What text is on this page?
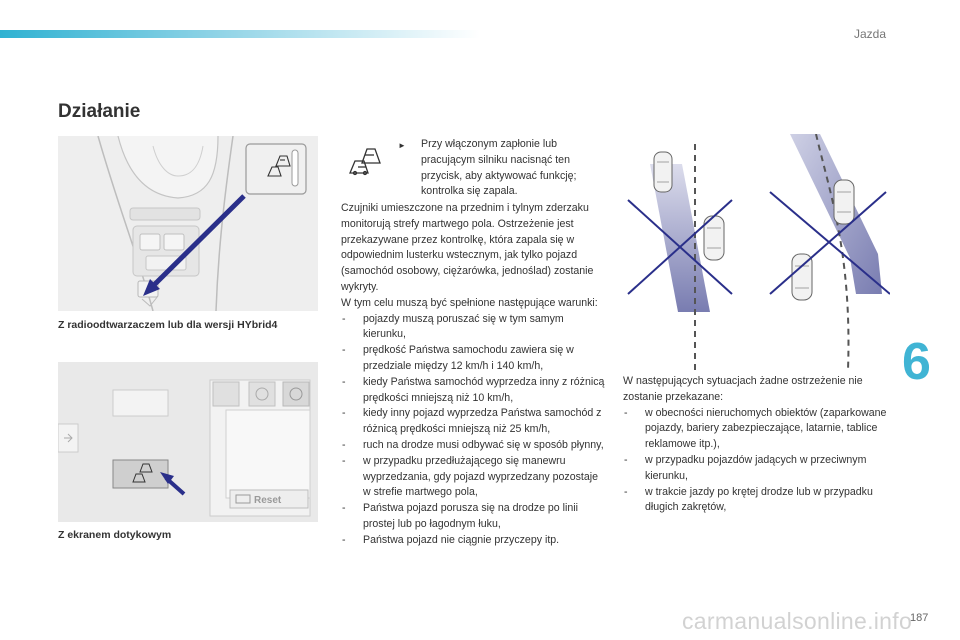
Jazda
Działanie
Z radioodtwarzaczem lub dla wersji HYbrid4
Reset
Z ekranem dotykowym
► Przy włączonym zapłonie lub pracującym silniku nacisnąć ten przycisk, aby aktywować funkcję; kontrolka się zapala.

Czujniki umieszczone na przednim i tylnym zderzaku monitorują strefy martwego pola. Ostrzeżenie jest przekazywane przez kontrolkę, która zapala się w odpowiednim lusterku wstecznym, jak tylko pojazd (samochód osobowy, ciężarówka, jednoślad) zostanie wykryty.

W tym celu muszą być spełnione następujące warunki:

- pojazdy muszą poruszać się w tym samym kierunku,
- prędkość Państwa samochodu zawiera się w przedziale między 12 km/h i 140 km/h,
- kiedy Państwa samochód wyprzedza inny z różnicą prędkości mniejszą niż 10 km/h,
- kiedy inny pojazd wyprzedza Państwa samochód z różnicą prędkości mniejszą niż 25 km/h,
- ruch na drodze musi odbywać się w sposób płynny,
- w przypadku przedłużającego się manewru wyprzedzania, gdy pojazd wyprzedzany pozostaje w strefie martwego pola,
- Państwa pojazd porusza się na drodze po linii prostej lub po łagodnym łuku,
- Państwa pojazd nie ciągnie przyczepy itp.

W następujących sytuacjach żadne ostrzeżenie nie zostanie przekazane:

- w obecności nieruchomych obiektów (zaparkowane pojazdy, bariery zabezpieczające, latarnie, tablice reklamowe itp.),
- w przypadku pojazdów jadących w przeciwnym kierunku,
- w trakcie jazdy po krętej drodze lub w przypadku długich zakrętów,
6
carmanualsonline.info
187
